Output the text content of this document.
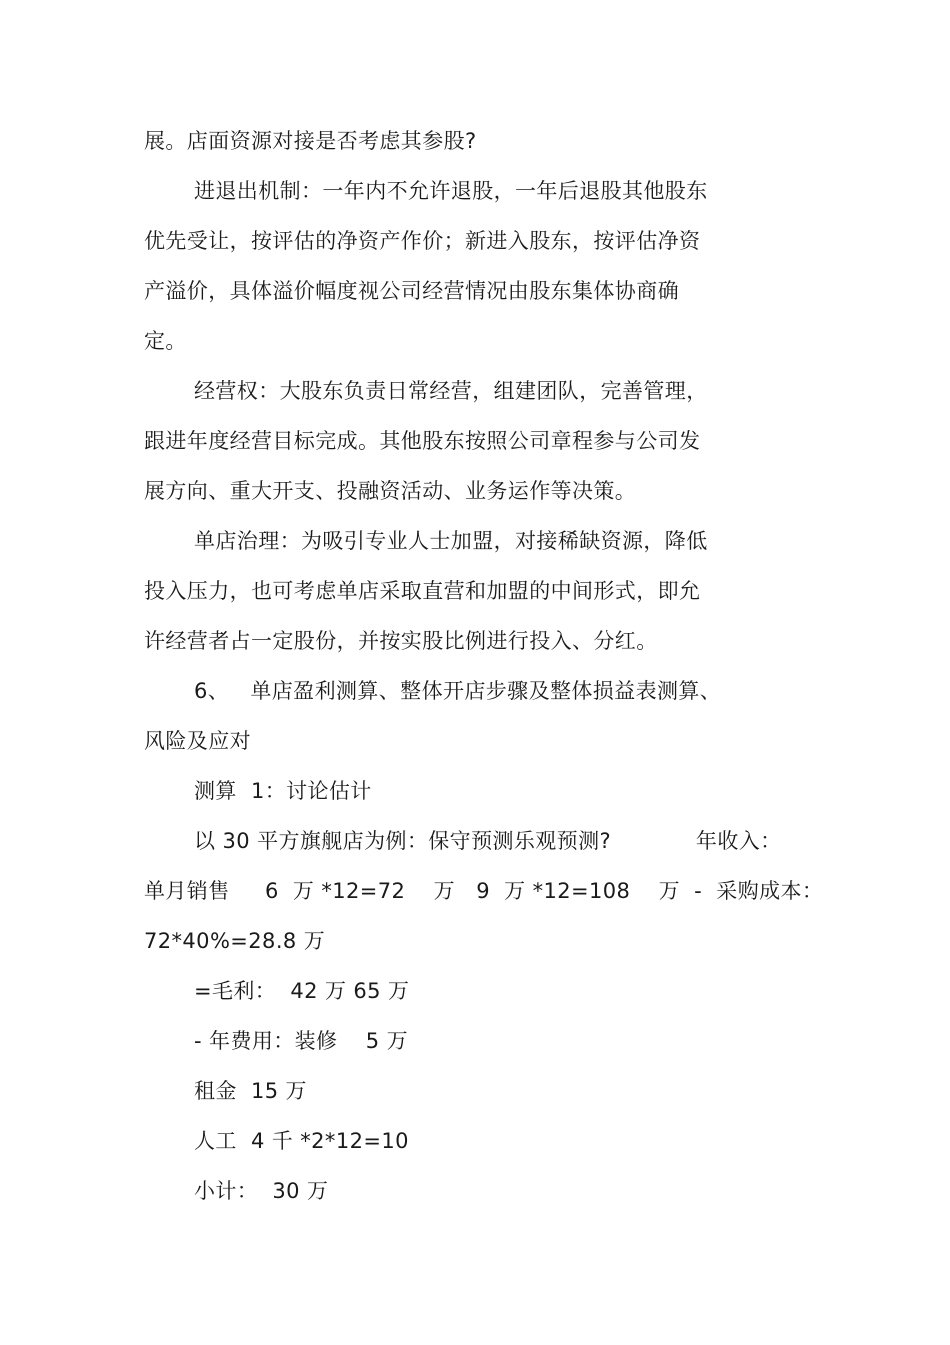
展。店面资源对接是否考虑其参股?
进退出机制：一年内不允许退股，一年后退股其他股东
优先受让，按评估的净资产作价；新进入股东，按评估净资
产溢价，具体溢价幅度视公司经营情况由股东集体协商确
定。
经营权：大股东负责日常经营，组建团队，完善管理，
跟进年度经营目标完成。其他股东按照公司章程参与公司发
展方向、重大开支、投融资活动、业务运作等决策。
单店治理：为吸引专业人士加盟，对接稀缺资源，降低
投入压力，也可考虑单店采取直营和加盟的中间形式，即允
许经营者占一定股份，并按实股比例进行投入、分红。
6、   单店盈利测算、整体开店步骤及整体损益表测算、
风险及应对
测算  1：讨论估计
以 30 平方旗舰店为例：保守预测乐观预测?            年收入：
单月销售     6  万 *12=72    万   9  万 *12=108    万  -  采购成本：
72*40%=28.8 万
=毛利：  42 万 65 万
- 年费用：装修    5 万
租金  15 万
人工  4 千 *2*12=10
小计：  30 万
